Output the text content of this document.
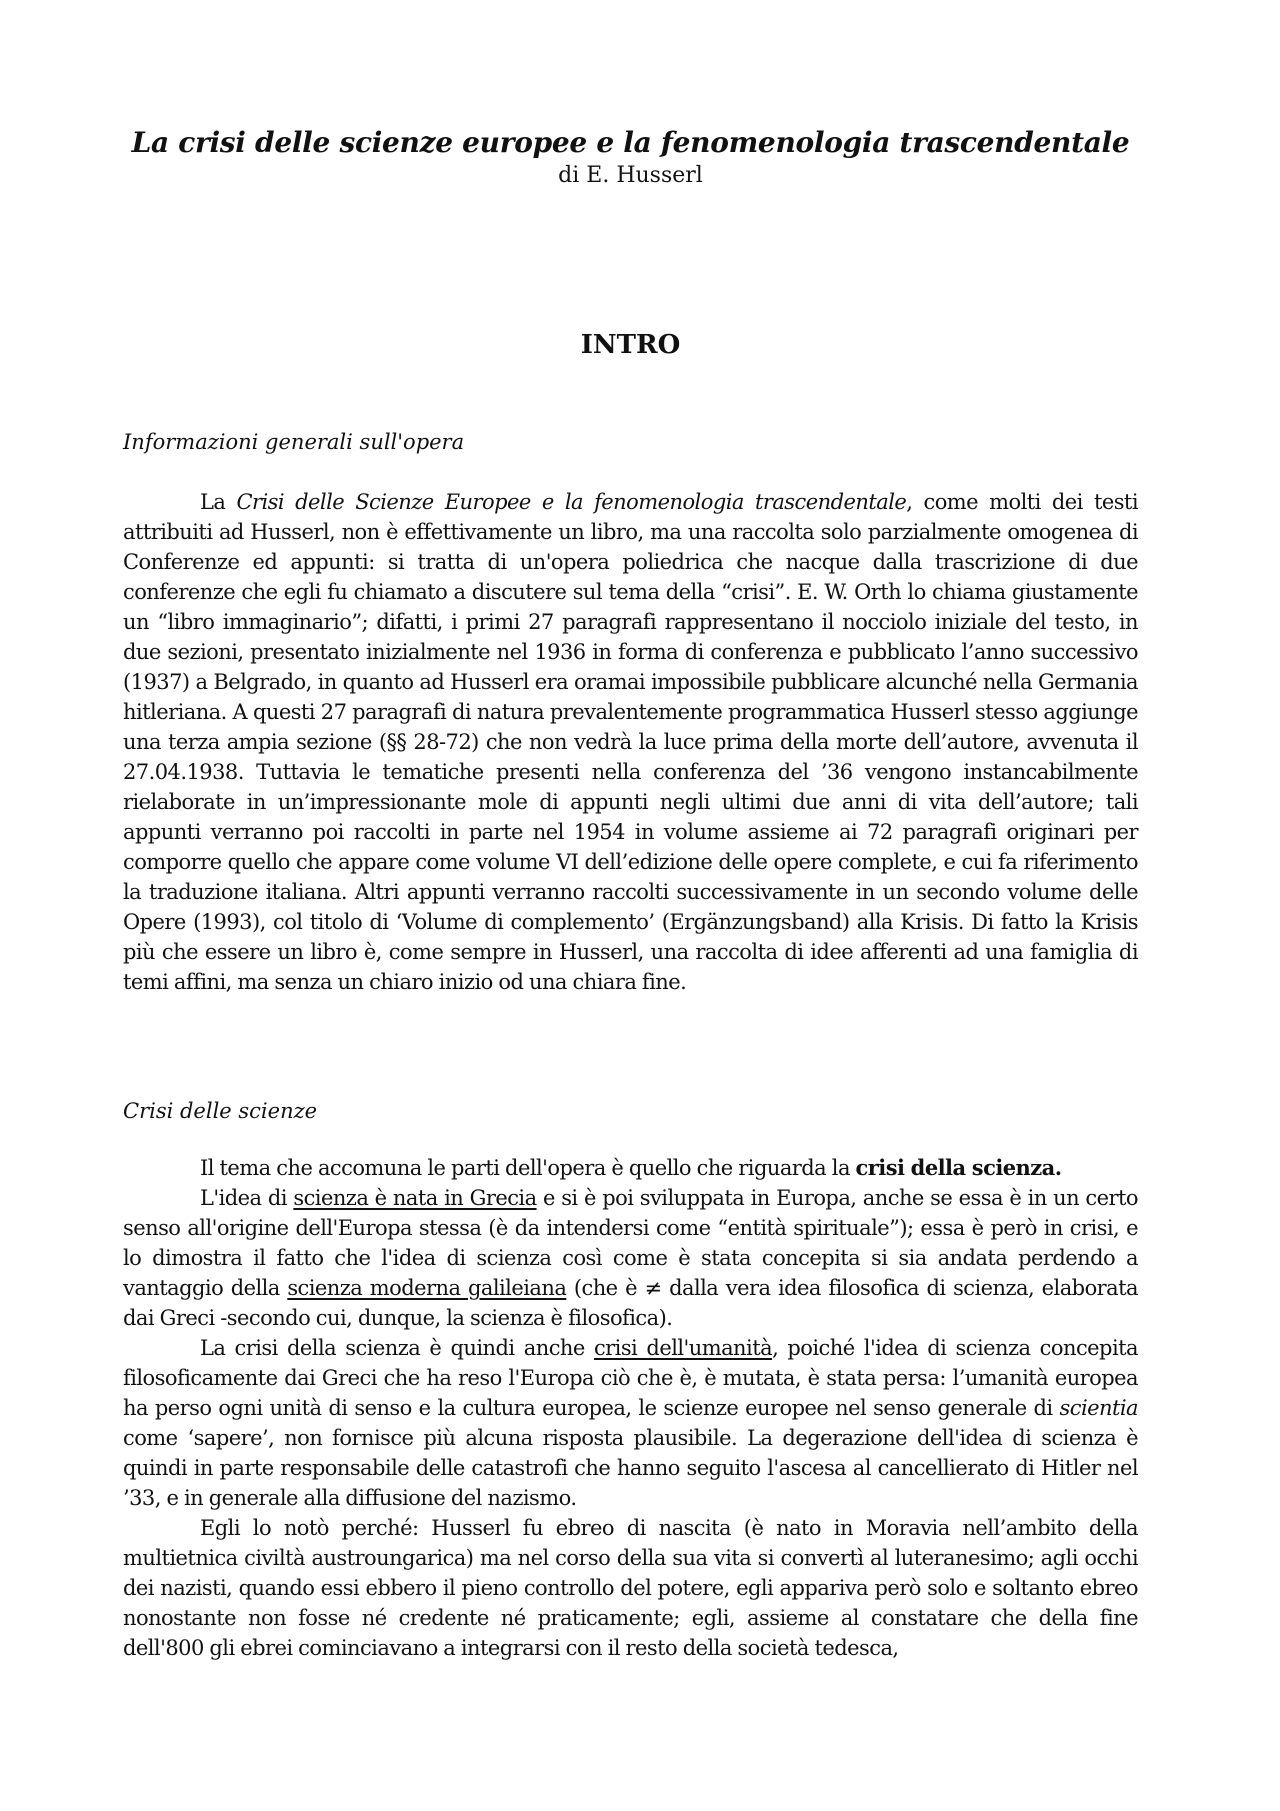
La crisi delle scienze europee e la fenomenologia trascendentale

di E. Husserl

INTRO

Informazioni generali sull'opera

La Crisi delle Scienze Europee e la fenomenologia trascendentale, come molti dei testi attribuiti ad Husserl, non è effettivamente un libro, ma una raccolta solo parzialmente omogenea di Conferenze ed appunti: si tratta di un'opera poliedrica che nacque dalla trascrizione di due conferenze che egli fu chiamato a discutere sul tema della “crisi”. E. W. Orth lo chiama giustamente un “libro immaginario”; difatti, i primi 27 paragrafi rappresentano il nocciolo iniziale del testo, in due sezioni, presentato inizialmente nel 1936 in forma di conferenza e pubblicato l’anno successivo (1937) a Belgrado, in quanto ad Husserl era oramai impossibile pubblicare alcunché nella Germania hitleriana. A questi 27 paragrafi di natura prevalentemente programmatica Husserl stesso aggiunge una terza ampia sezione (§§ 28-72) che non vedrà la luce prima della morte dell’autore, avvenuta il 27.04.1938. Tuttavia le tematiche presenti nella conferenza del ’36 vengono instancabilmente rielaborate in un’impressionante mole di appunti negli ultimi due anni di vita dell’autore; tali appunti verranno poi raccolti in parte nel 1954 in volume assieme ai 72 paragrafi originari per comporre quello che appare come volume VI dell’edizione delle opere complete, e cui fa riferimento la traduzione italiana. Altri appunti verranno raccolti successivamente in un secondo volume delle Opere (1993), col titolo di ‘Volume di complemento’ (Ergänzungsband) alla Krisis. Di fatto la Krisis più che essere un libro è, come sempre in Husserl, una raccolta di idee afferenti ad una famiglia di temi affini, ma senza un chiaro inizio od una chiara fine.

Crisi delle scienze

Il tema che accomuna le parti dell'opera è quello che riguarda la crisi della scienza.

L'idea di scienza è nata in Grecia e si è poi sviluppata in Europa, anche se essa è in un certo senso all'origine dell'Europa stessa (è da intendersi come “entità spirituale”); essa è però in crisi, e lo dimostra il fatto che l'idea di scienza così come è stata concepita si sia andata perdendo a vantaggio della scienza moderna galileiana (che è ≠ dalla vera idea filosofica di scienza, elaborata dai Greci -secondo cui, dunque, la scienza è filosofica).

La crisi della scienza è quindi anche crisi dell'umanità, poiché l'idea di scienza concepita filosoficamente dai Greci che ha reso l'Europa ciò che è, è mutata, è stata persa: l’umanità europea ha perso ogni unità di senso e la cultura europea, le scienze europee nel senso generale di scientia come ‘sapere’, non fornisce più alcuna risposta plausibile. La degerazione dell'idea di scienza è quindi in parte responsabile delle catastrofi che hanno seguito l'ascesa al cancellierato di Hitler nel ’33, e in generale alla diffusione del nazismo.

Egli lo notò perché: Husserl fu ebreo di nascita (è nato in Moravia nell’ambito della multietnica civiltà austroungarica) ma nel corso della sua vita si convertì al luteranesimo; agli occhi dei nazisti, quando essi ebbero il pieno controllo del potere, egli appariva però solo e soltanto ebreo nonostante non fosse né credente né praticamente; egli, assieme al constatare che della fine dell'800 gli ebrei cominciavano a integrarsi con il resto della società tedesca,
